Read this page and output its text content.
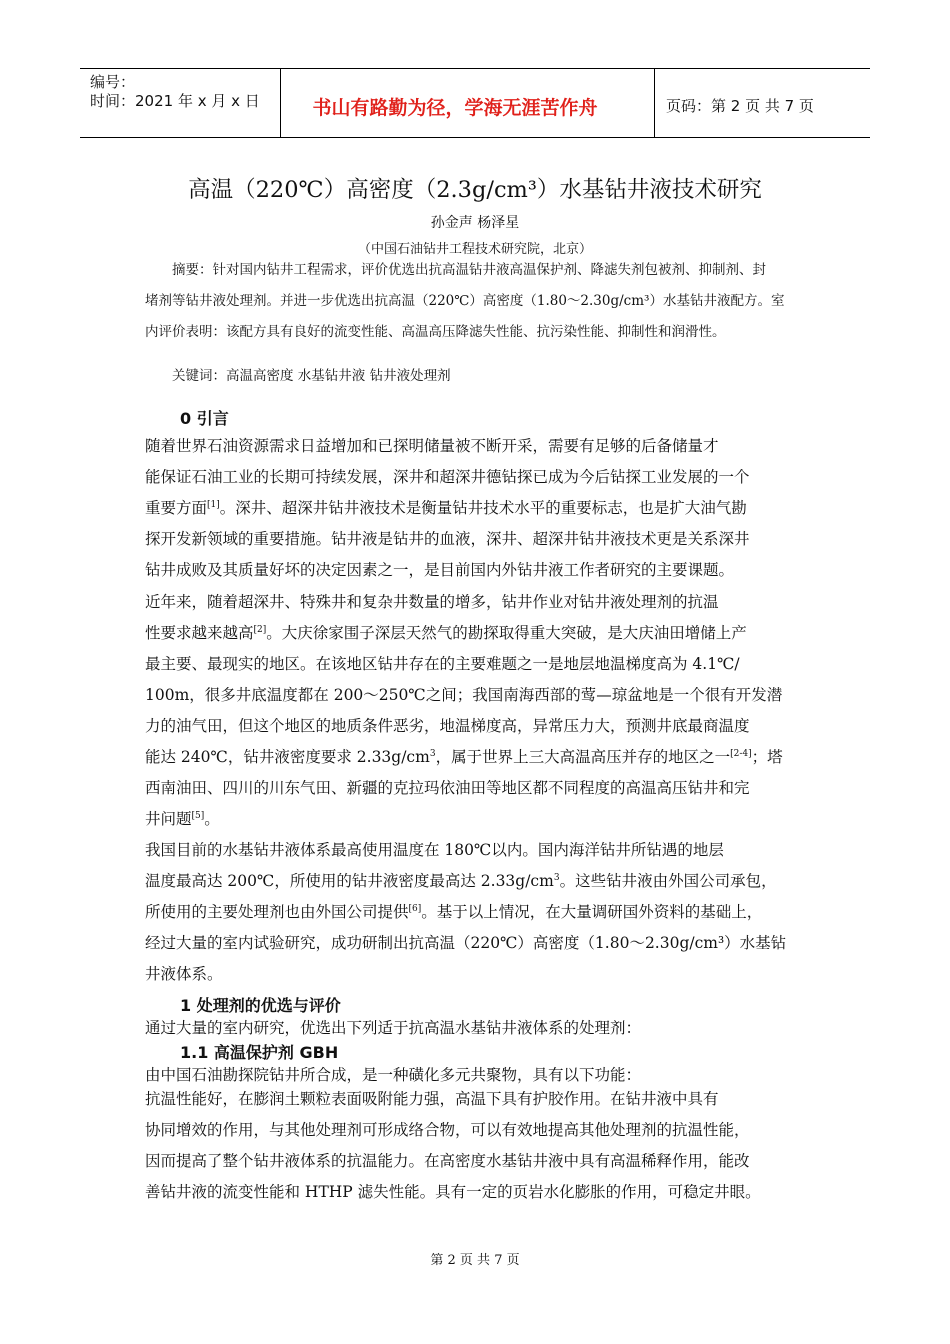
编号：
时间：2021 年 x 月 x 日	书山有路勤为径，学海无涯苦作舟	页码：第 2 页 共 7 页
高温（220℃）高密度（2.3g/cm³）水基钻井液技术研究
孙金声 杨泽星
（中国石油钻井工程技术研究院，北京）
摘要：针对国内钻井工程需求，评价优选出抗高温钻井液高温保护剂、降滤失剂包被剂、抑制剂、封
堵剂等钻井液处理剂。并进一步优选出抗高温（220℃）高密度（1.80～2.30g/cm³）水基钻井液配方。室
内评价表明：该配方具有良好的流变性能、高温高压降滤失性能、抗污染性能、抑制性和润滑性。
关键词：高温高密度 水基钻井液 钻井液处理剂
0 引言
随着世界石油资源需求日益增加和已探明储量被不断开采，需要有足够的后备储量才
能保证石油工业的长期可持续发展，深井和超深井德钻探已成为今后钻探工业发展的一个
重要方面[1]。深井、超深井钻井液技术是衡量钻井技术水平的重要标志，也是扩大油气勘
探开发新领域的重要措施。钻井液是钻井的血液，深井、超深井钻井液技术更是关系深井
钻井成败及其质量好坏的决定因素之一，是目前国内外钻井液工作者研究的主要课题。
近年来，随着超深井、特殊井和复杂井数量的增多，钻井作业对钻井液处理剂的抗温
性要求越来越高[2]。大庆徐家围子深层天然气的勘探取得重大突破，是大庆油田增储上产
最主要、最现实的地区。在该地区钻井存在的主要难题之一是地层地温梯度高为 4.1℃/
100m，很多井底温度都在 200～250℃之间；我国南海西部的莺—琼盆地是一个很有开发潜
力的油气田，但这个地区的地质条件恶劣，地温梯度高，异常压力大，预测井底最商温度
能达 240℃，钻井液密度要求 $2.33g/cm^3$，属于世界上三大高温高压并存的地区之一[2-4]；塔
西南油田、四川的川东气田、新疆的克拉玛依油田等地区都不同程度的高温高压钻井和完
井问题[5]。
我国目前的水基钻井液体系最高使用温度在 180℃以内。国内海洋钻井所钻遇的地层
温度最高达 200℃，所使用的钻井液密度最高达 $2.33g/cm^3$。这些钻井液由外国公司承包，
所使用的主要处理剂也由外国公司提供[6]。基于以上情况，在大量调研国外资料的基础上，
经过大量的室内试验研究，成功研制出抗高温（220℃）高密度（1.80～2.30g/cm³）水基钻
井液体系。
1 处理剂的优选与评价
通过大量的室内研究，优选出下列适于抗高温水基钻井液体系的处理剂：
1.1 高温保护剂 GBH
由中国石油勘探院钻井所合成，是一种磺化多元共聚物，具有以下功能：
抗温性能好，在膨润土颗粒表面吸附能力强，高温下具有护胶作用。在钻井液中具有
协同增效的作用，与其他处理剂可形成络合物，可以有效地提高其他处理剂的抗温性能，
因而提高了整个钻井液体系的抗温能力。在高密度水基钻井液中具有高温稀释作用，能改
善钻井液的流变性能和 HTHP 滤失性能。具有一定的页岩水化膨胀的作用，可稳定井眼。
第 2 页 共 7 页
